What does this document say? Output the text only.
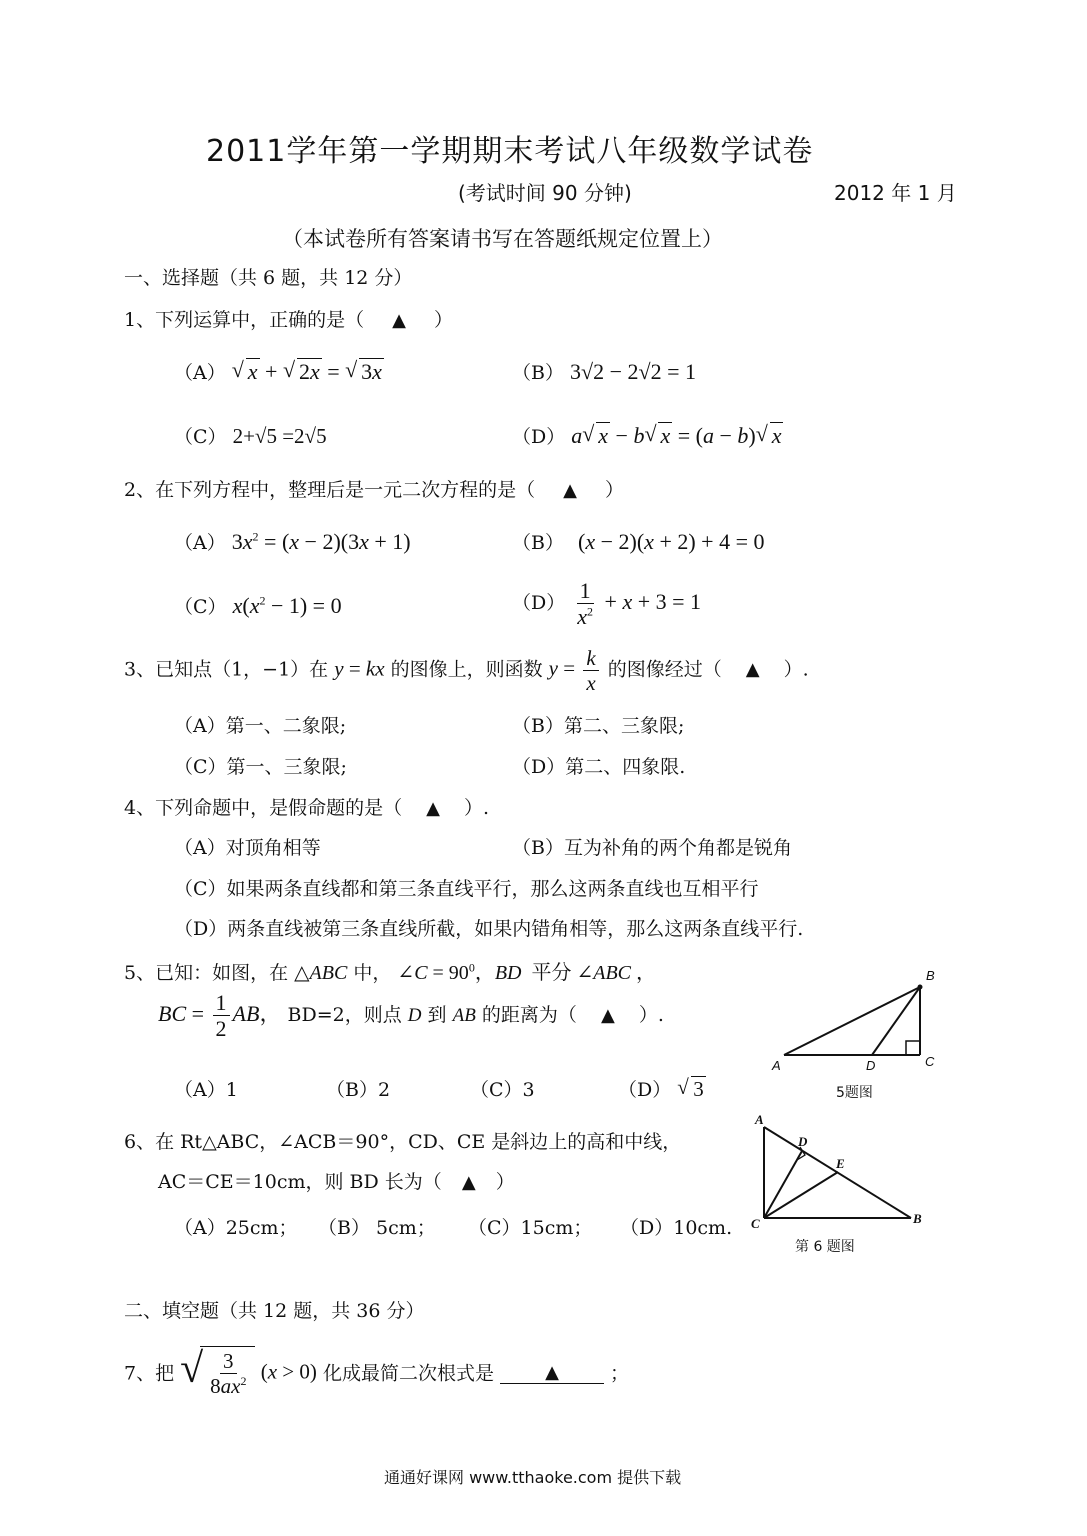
2011学年第一学期期末考试八年级数学试卷
(考试时间 90 分钟)	2012 年 1 月
（本试卷所有答案请书写在答题纸规定位置上）
一、选择题（共 6 题，共 12 分）
1、下列运算中，正确的是（ ▲ ）
（A） √ x + √ 2x = √ 3x	（B） 3√2 − 2√2 = 1
（C） 2+√5 =2√5	（D） a √ x − b √ x = (a − b) √ x
2、在下列方程中，整理后是一元二次方程的是（ ▲ ）
（A） $3x^2 = (x - 2)(3x + 1)$	（B） (x − 2)(x + 2) + 4 = 0
（C） $x(x^2 - 1) = 0$	$(D) \frac{1}{x^2} + x + 3 = 1$
3、已知点（1，−1）在 y = kx 的图像上，则函数 $y = \frac{k}{x}$ 的图像经过（ ▲ ）.
（A）第一、二象限;	（B）第二、三象限;
（C）第一、三象限;	（D）第二、四象限.
4、下列命题中，是假命题的是（ ▲ ）.
（A）对顶角相等	（B）互为补角的两个角都是锐角
（C）如果两条直线都和第三条直线平行，那么这两条直线也互相平行
（D）两条直线被第三条直线所截，如果内错角相等，那么这两条直线平行.
5、已知：如图，在 △ABC 中， ∠C = $90^0$，BD  平分 ∠ABC ，
BC = $\frac{1}{2}$ AB， BD=2，则点 D 到 AB 的距离为（ ▲ ）.
（A）1	（B）2	（C）3	（D） √ 3
B
A	D	C
5题图
6、在 Rt△ABC，∠ACB＝90°，CD、CE 是斜边上的高和中线，
AC＝CE＝10cm，则 BD 长为（ ▲ ）
（A）25cm； （B） 5cm； （C）15cm； （D）10cm.
A
D
E
C	B
第 6 题图
二、填空题（共 12 题，共 36 分）
7、把 √ $\frac{3}{8ax^2} (x > 0)$ 化成最简二次根式是	▲	；
通通好课网 www.tthaoke.com 提供下载
